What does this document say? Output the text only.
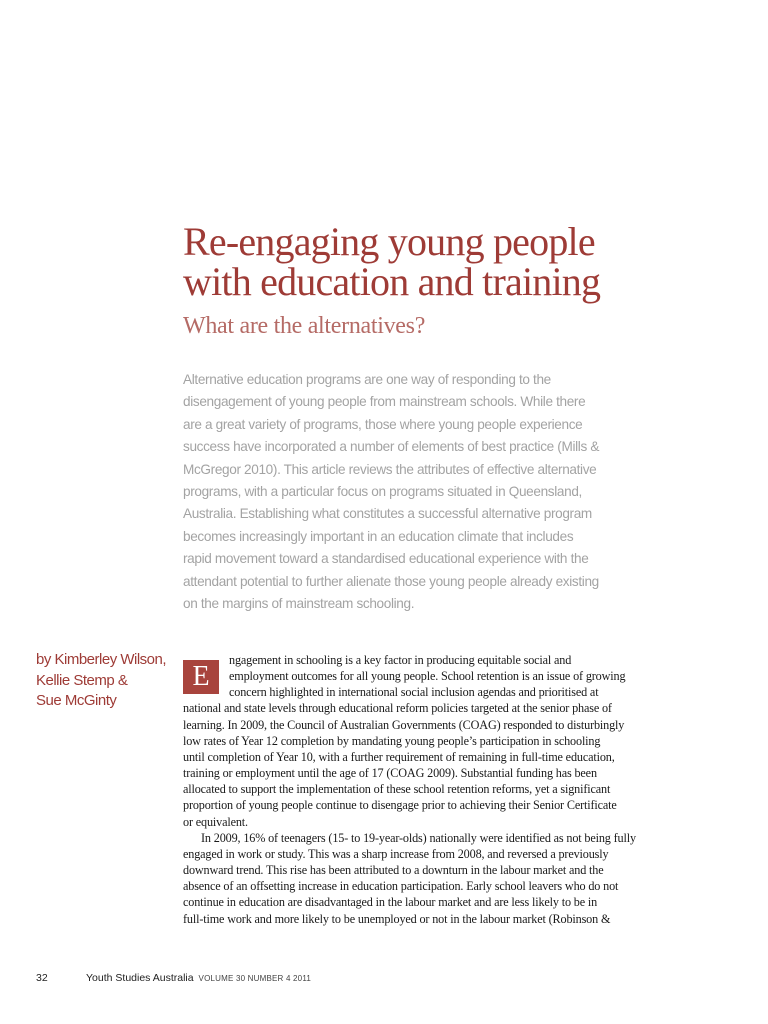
Re-engaging young people
with education and training
What are the alternatives?
Alternative education programs are one way of responding to the
disengagement of young people from mainstream schools. While there
are a great variety of programs, those where young people experience
success have incorporated a number of elements of best practice (Mills &
McGregor 2010). This article reviews the attributes of effective alternative
programs, with a particular focus on programs situated in Queensland,
Australia. Establishing what constitutes a successful alternative program
becomes increasingly important in an education climate that includes
rapid movement toward a standardised educational experience with the
attendant potential to further alienate those young people already existing
on the margins of mainstream schooling.
by Kimberley Wilson,
Kellie Stemp &
Sue McGinty
E
ngagement in schooling is a key factor in producing equitable social and
employment outcomes for all young people. School retention is an issue of growing
concern highlighted in international social inclusion agendas and prioritised at
national and state levels through educational reform policies targeted at the senior phase of
learning. In 2009, the Council of Australian Governments (COAG) responded to disturbingly
low rates of Year 12 completion by mandating young people’s participation in schooling
until completion of Year 10, with a further requirement of remaining in full-time education,
training or employment until the age of 17 (COAG 2009). Substantial funding has been
allocated to support the implementation of these school retention reforms, yet a significant
proportion of young people continue to disengage prior to achieving their Senior Certificate
or equivalent.
In 2009, 16% of teenagers (15- to 19-year-olds) nationally were identified as not being fully
engaged in work or study. This was a sharp increase from 2008, and reversed a previously
downward trend. This rise has been attributed to a downturn in the labour market and the
absence of an offsetting increase in education participation. Early school leavers who do not
continue in education are disadvantaged in the labour market and are less likely to be in
full-time work and more likely to be unemployed or not in the labour market (Robinson &
32	Youth Studies Australia VOLUME 30 NUMBER 4 2011
